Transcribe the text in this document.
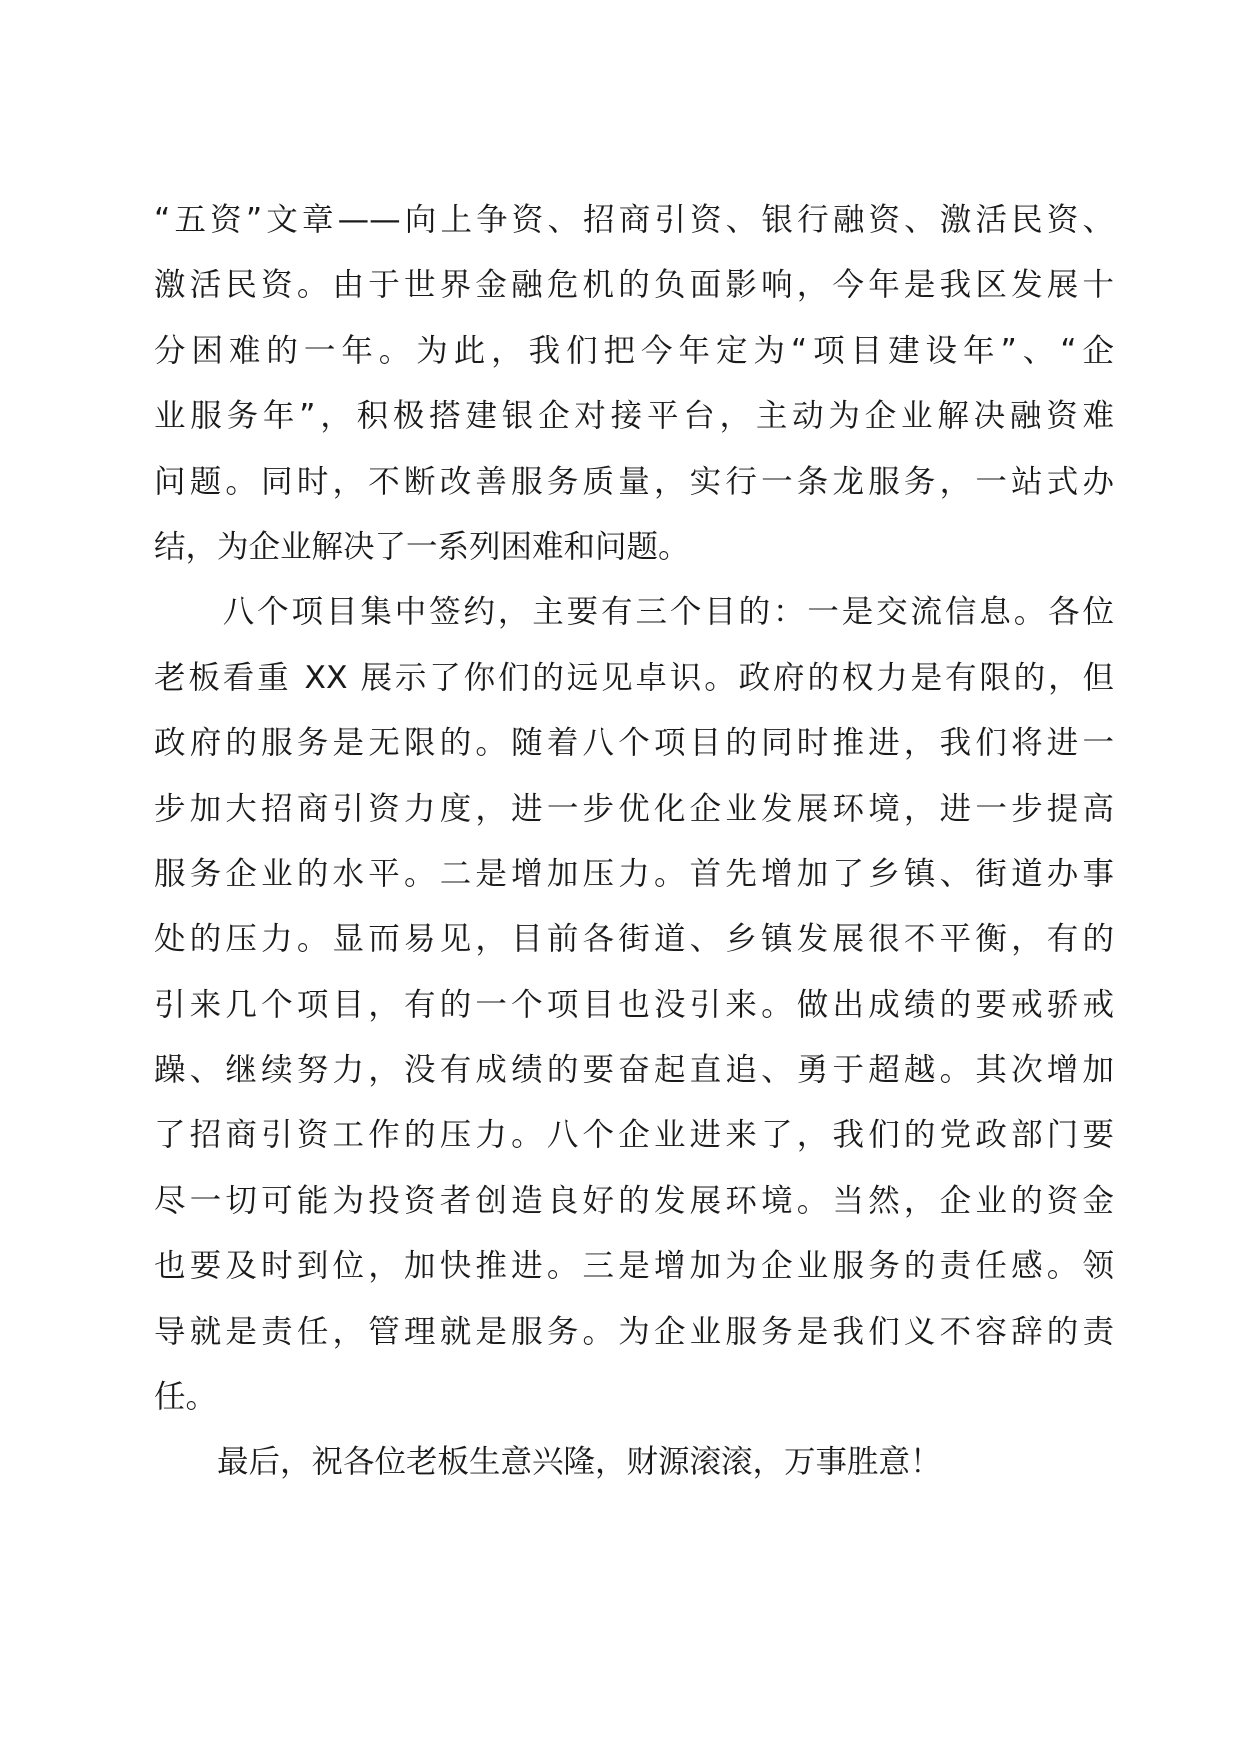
“五资”文章——向上争资、招商引资、银行融资、激活民资、
激活民资。由于世界金融危机的负面影响，今年是我区发展十
分困难的一年。为此，我们把今年定为“项目建设年”、“企
业服务年”，积极搭建银企对接平台，主动为企业解决融资难
问题。同时，不断改善服务质量，实行一条龙服务，一站式办
结，为企业解决了一系列困难和问题。
　　八个项目集中签约，主要有三个目的：一是交流信息。各位
老板看重 XX 展示了你们的远见卓识。政府的权力是有限的，但
政府的服务是无限的。随着八个项目的同时推进，我们将进一
步加大招商引资力度，进一步优化企业发展环境，进一步提高
服务企业的水平。二是增加压力。首先增加了乡镇、街道办事
处的压力。显而易见，目前各街道、乡镇发展很不平衡，有的
引来几个项目，有的一个项目也没引来。做出成绩的要戒骄戒
躁、继续努力，没有成绩的要奋起直追、勇于超越。其次增加
了招商引资工作的压力。八个企业进来了，我们的党政部门要
尽一切可能为投资者创造良好的发展环境。当然，企业的资金
也要及时到位，加快推进。三是增加为企业服务的责任感。领
导就是责任，管理就是服务。为企业服务是我们义不容辞的责
任。
　　最后，祝各位老板生意兴隆，财源滚滚，万事胜意！
